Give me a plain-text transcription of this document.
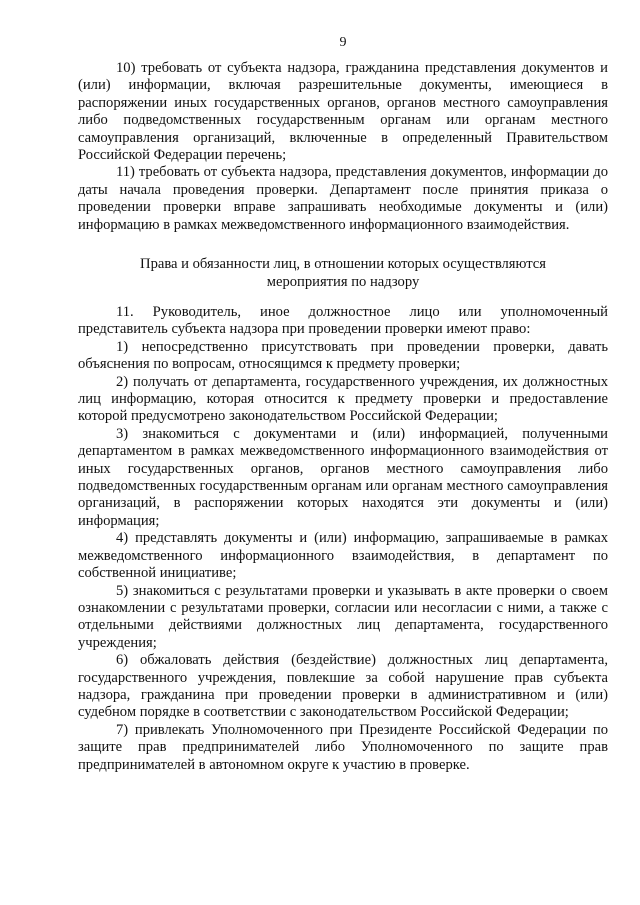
9

10) требовать от субъекта надзора, гражданина представления документов и (или) информации, включая разрешительные документы, имеющиеся в распоряжении иных государственных органов, органов местного самоуправления либо подведомственных государственным органам или органам местного самоуправления организаций, включенные в определенный Правительством Российской Федерации перечень;

11) требовать от субъекта надзора, представления документов, информации до даты начала проведения проверки. Департамент после принятия приказа о проведении проверки вправе запрашивать необходимые документы и (или) информацию в рамках межведомственного информационного взаимодействия.

Права и обязанности лиц, в отношении которых осуществляются
мероприятия по надзору

11. Руководитель, иное должностное лицо или уполномоченный представитель субъекта надзора при проведении проверки имеют право:

1) непосредственно присутствовать при проведении проверки, давать объяснения по вопросам, относящимся к предмету проверки;

2) получать от департамента, государственного учреждения, их должностных лиц информацию, которая относится к предмету проверки и предоставление которой предусмотрено законодательством Российской Федерации;

3) знакомиться с документами и (или) информацией, полученными департаментом в рамках межведомственного информационного взаимодействия от иных государственных органов, органов местного самоуправления либо подведомственных государственным органам или органам местного самоуправления организаций, в распоряжении которых находятся эти документы и (или) информация;

4) представлять документы и (или) информацию, запрашиваемые в рамках межведомственного информационного взаимодействия, в департамент по собственной инициативе;

5) знакомиться с результатами проверки и указывать в акте проверки о своем ознакомлении с результатами проверки, согласии или несогласии с ними, а также с отдельными действиями должностных лиц департамента, государственного учреждения;

6) обжаловать действия (бездействие) должностных лиц департамента, государственного учреждения, повлекшие за собой нарушение прав субъекта надзора, гражданина при проведении проверки в административном и (или) судебном порядке в соответствии с законодательством Российской Федерации;

7) привлекать Уполномоченного при Президенте Российской Федерации по защите прав предпринимателей либо Уполномоченного по защите прав предпринимателей в автономном округе к участию в проверке.
